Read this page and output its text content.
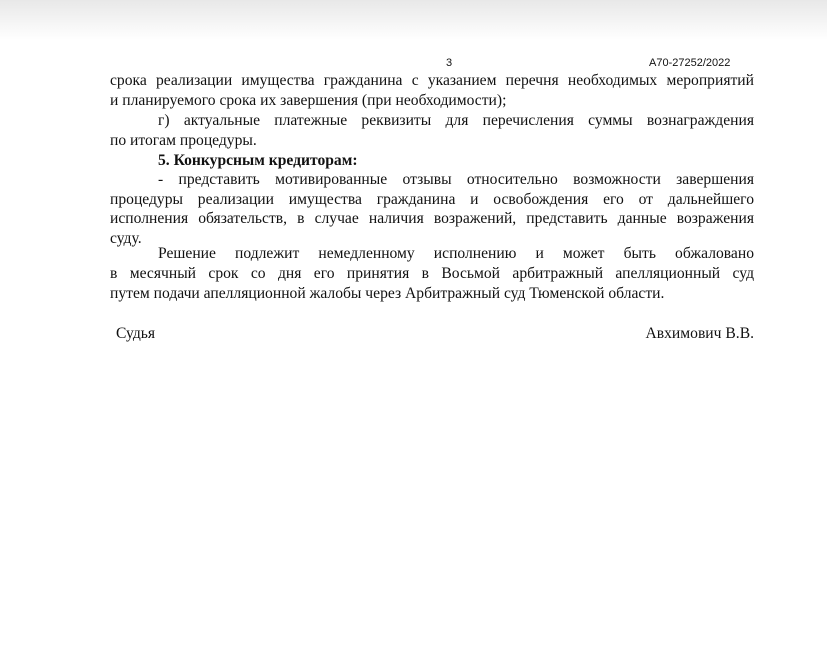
3	А70-27252/2022
срока реализации имущества гражданина с указанием перечня необходимых мероприятий
и планируемого срока их завершения (при необходимости);
г) актуальные платежные реквизиты для перечисления суммы вознаграждения
по итогам процедуры.
5. Конкурсным кредиторам:
- представить мотивированные отзывы относительно возможности завершения
процедуры реализации имущества гражданина и освобождения его от дальнейшего
исполнения обязательств, в случае наличия возражений, представить данные возражения
суду.
Решение подлежит немедленному исполнению и может быть обжаловано
в месячный срок со дня его принятия в Восьмой арбитражный апелляционный суд
путем подачи апелляционной жалобы через Арбитражный суд Тюменской области.
Судья	Авхимович В.В.
